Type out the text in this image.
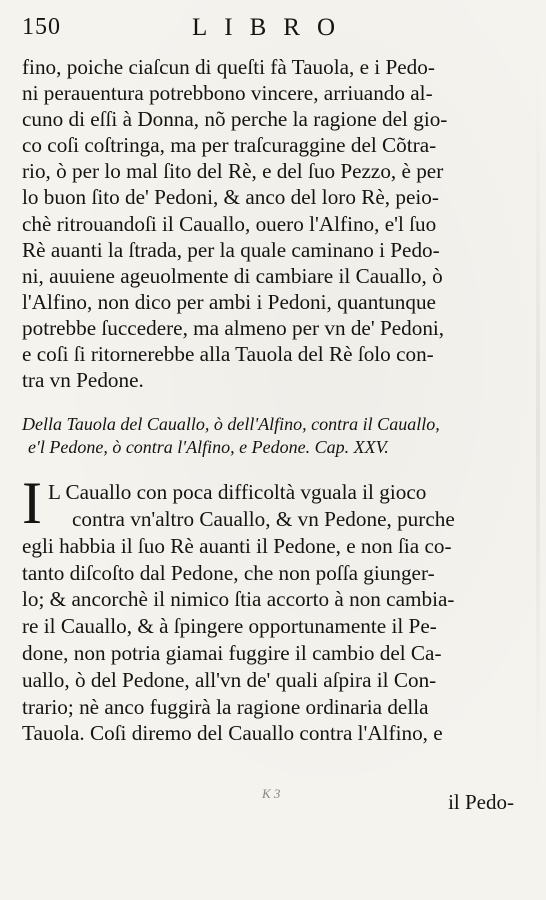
150	LIBRO
fino, poiche ciaſcun di queſti fà Tauola, e i Pedo-
ni perauentura potrebbono vincere, arriuando al-
cuno di eſſi à Donna, nõ perche la ragione del gio-
co coſi coſtringa, ma per traſcuraggine del Cõtra-
rio, ò per lo mal ſito del Rè, e del ſuo Pezzo, è per
lo buon ſito de' Pedoni, & anco del loro Rè, peio-
chè ritrouandoſi il Cauallo, ouero l'Alfino, e'l ſuo
Rè auanti la ſtrada, per la quale caminano i Pedo-
ni, auuiene ageuolmente di cambiare il Cauallo, ò
l'Alfino, non dico per ambi i Pedoni, quantunque
potrebbe ſuccedere, ma almeno per vn de' Pedoni,
e coſi ſi ritornerebbe alla Tauola del Rè ſolo con-
tra vn Pedone.
Della Tauola del Cauallo, ò dell'Alfino, contra il Cauallo,
e'l Pedone, ò contra l'Alfino, e Pedone. Cap. XXV.
I L Cauallo con poca difficoltà vguala il gioco
contra vn'altro Cauallo, & vn Pedone, purche
egli habbia il ſuo Rè auanti il Pedone, e non ſia co-
tanto diſcoſto dal Pedone, che non poſſa giunger-
lo; & ancorchè il nimico ſtia accorto à non cambia-
re il Cauallo, & à ſpingere opportunamente il Pe-
done, non potria giamai fuggire il cambio del Ca-
uallo, ò del Pedone, all'vn de' quali aſpira il Con-
trario; nè anco fuggirà la ragione ordinaria della
Tauola. Coſi diremo del Cauallo contra l'Alfino, e
K 3	il Pedo-
